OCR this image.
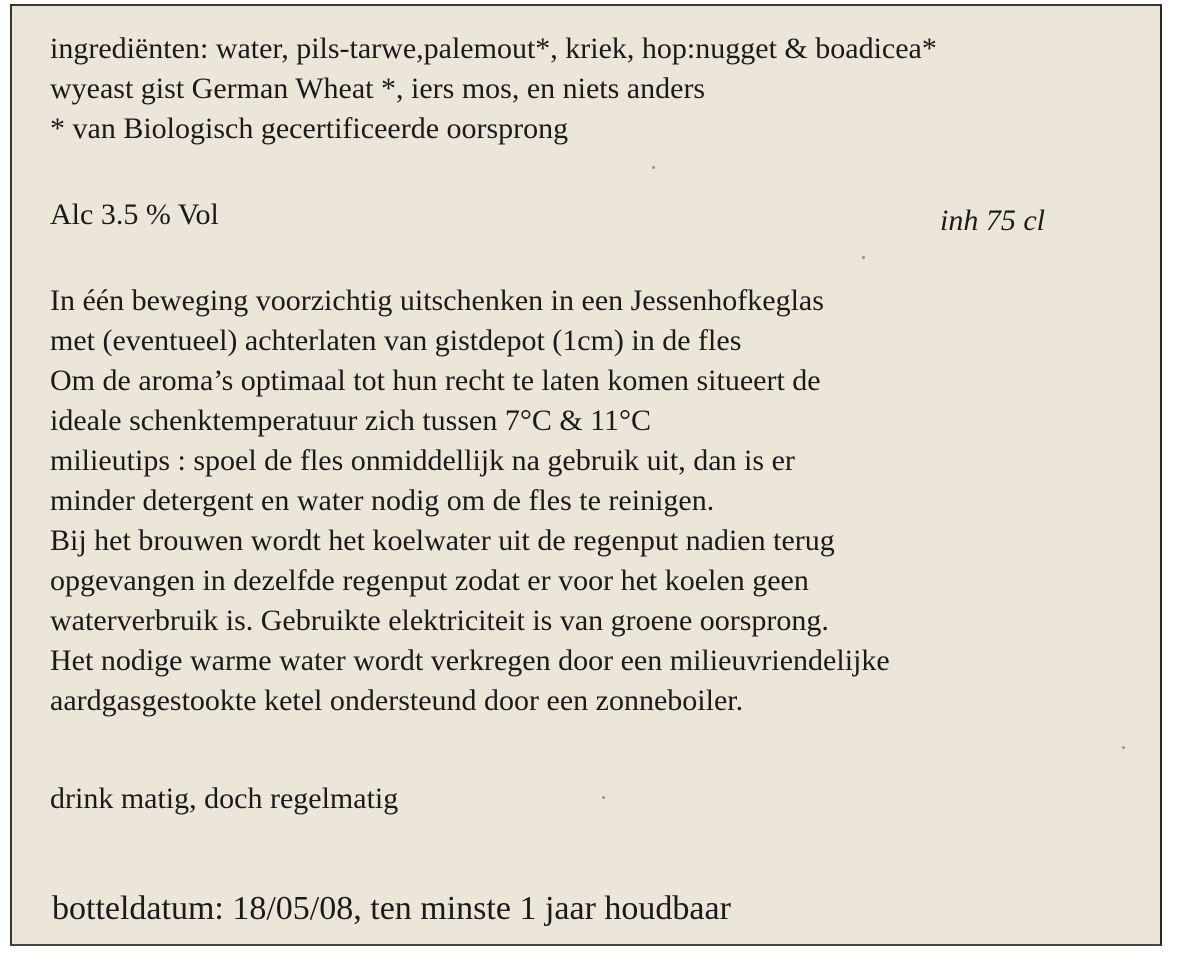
ingrediënten: water, pils-tarwe,palemout*, kriek, hop:nugget & boadicea*
wyeast gist German Wheat *, iers mos, en niets anders
* van Biologisch gecertificeerde oorsprong
Alc 3.5 % Vol	inh 75 cl
In één beweging voorzichtig uitschenken in een Jessenhofkeglas
met (eventueel) achterlaten van gistdepot (1cm) in de fles
Om de aroma’s optimaal tot hun recht te laten komen situeert de
ideale schenktemperatuur zich tussen 7°C & 11°C
milieutips : spoel de fles onmiddellijk na gebruik uit, dan is er
minder detergent en water nodig om de fles te reinigen.
Bij het brouwen wordt het koelwater uit de regenput nadien terug
opgevangen in dezelfde regenput zodat er voor het koelen geen
waterverbruik is. Gebruikte elektriciteit is van groene oorsprong.
Het nodige warme water wordt verkregen door een milieuvriendelijke
aardgasgestookte ketel ondersteund door een zonneboiler.
drink matig, doch regelmatig
botteldatum: 18/05/08, ten minste 1 jaar houdbaar
